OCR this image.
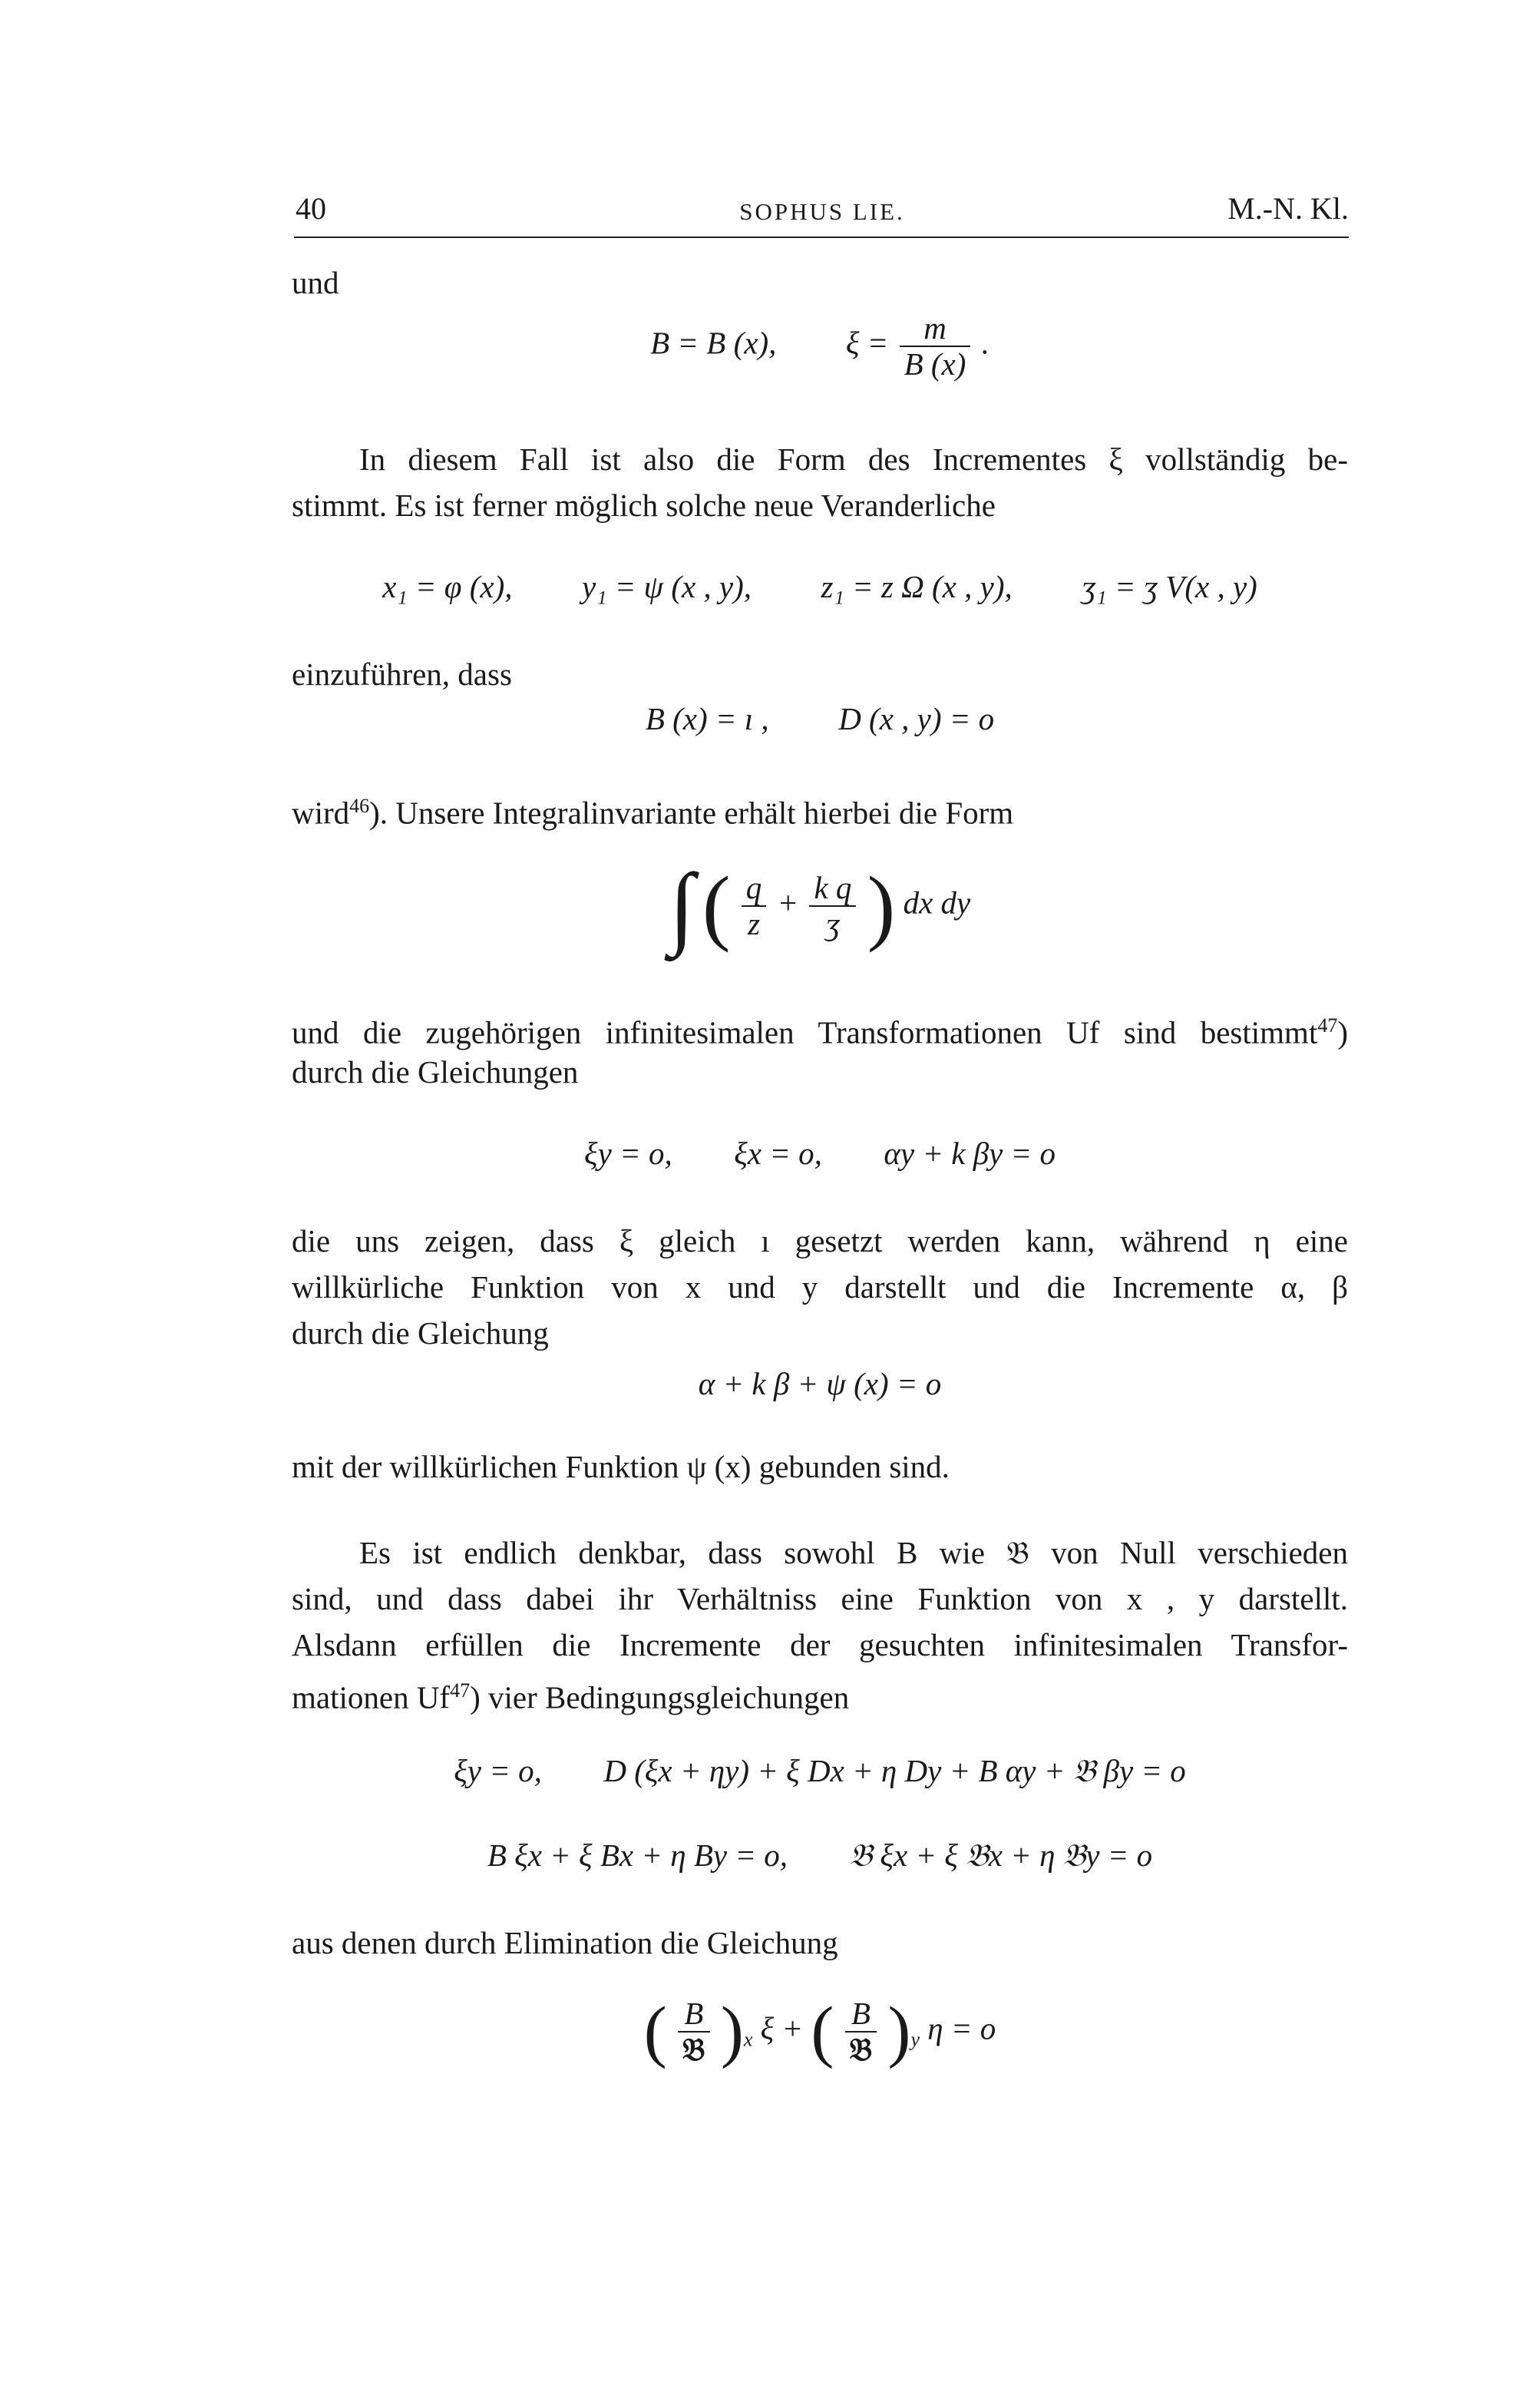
40	SOPHUS LIE.	M.-N. Kl.

und

B = B (x), $\xi = \frac{m}{B (x)}$ .

In diesem Fall ist also die Form des Incrementes ξ vollständig be-

stimmt. Es ist ferner möglich solche neue Veranderliche

x₁ = φ (x), y₁ = ψ (x , y), z₁ = z Ω (x , y), ʒ₁ = ʒ V(x , y)

einzuführen, dass

B (x) = ı , D (x , y) = o

wird$^{46}$). Unsere Integralinvariante erhält hierbei die Form

∫ ( $\frac{q}{z} + \frac{\text{k q}}{\text{ʒ}}$ ) dx dy

und die zugehörigen infinitesimalen Transformationen Uf sind bestimmt$^{47}$)

durch die Gleichungen

ξy = o, ξx = o, αy + k βy = o

die uns zeigen, dass ξ gleich ı gesetzt werden kann, während η eine

willkürliche Funktion von x und y darstellt und die Incremente α, β

durch die Gleichung

α + k β + ψ (x) = o

mit der willkürlichen Funktion ψ (x) gebunden sind.

Es ist endlich denkbar, dass sowohl B wie 𝔅 von Null verschieden

sind, und dass dabei ihr Verhältniss eine Funktion von x , y darstellt.

Alsdann erfüllen die Incremente der gesuchten infinitesimalen Transfor-

mationen Uf$^{47}$) vier Bedingungsgleichungen

ξy = o, D (ξx + ηy) + ξ Dx + η Dy + B αy + 𝔅 βy = o
B ξx + ξ Bx + η By = o, 𝔅 ξx + ξ 𝔅x + η 𝔅y = o

aus denen durch Elimination die Gleichung

( $\frac{B}{\text{𝔅}} )_x$ ξ + ( $\frac{B}{\text{𝔅}} )_y$ η = o
